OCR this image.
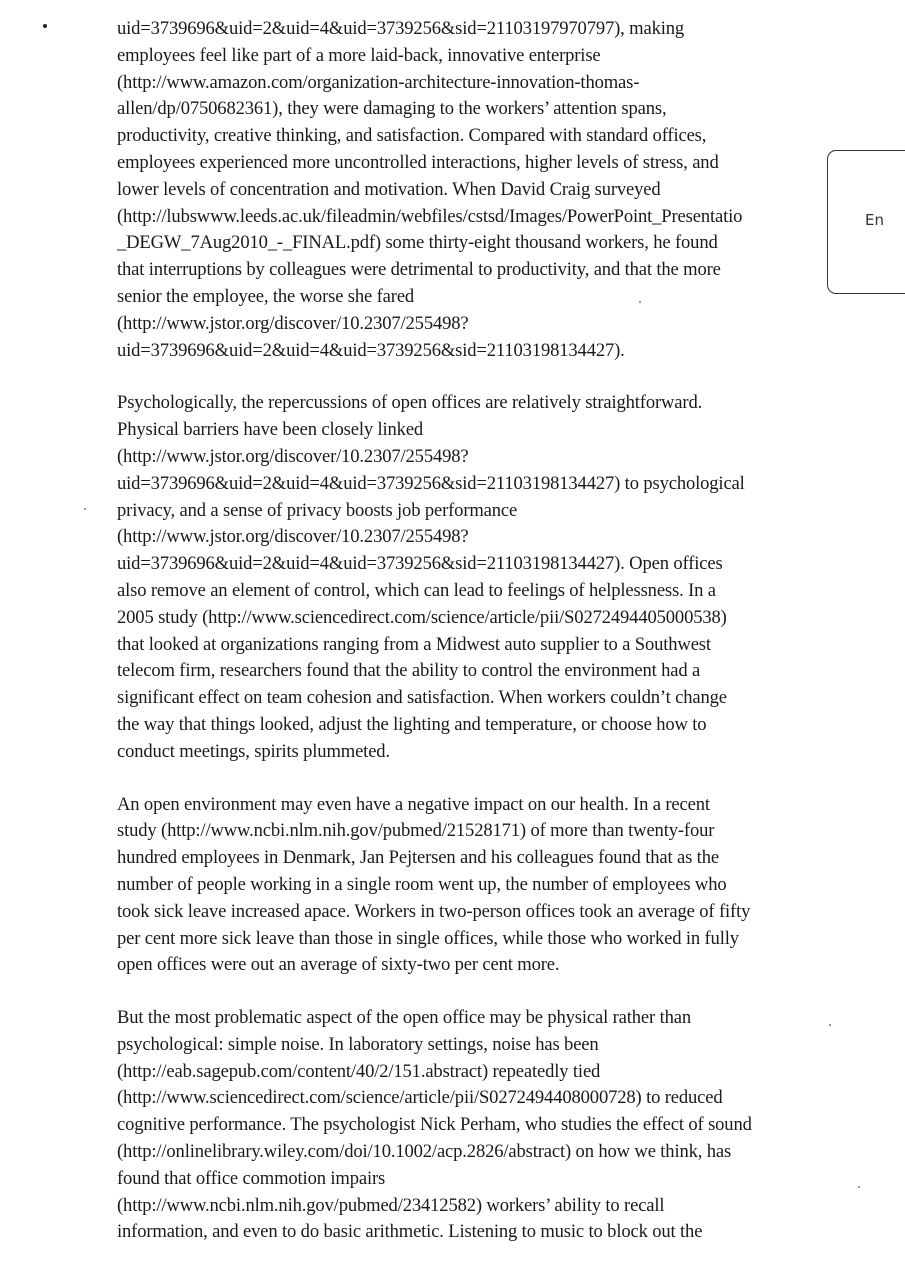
uid=3739696&uid=2&uid=4&uid=3739256&sid=21103197970797), making
employees feel like part of a more laid-back, innovative enterprise
(http://www.amazon.com/organization-architecture-innovation-thomas-
allen/dp/0750682361), they were damaging to the workers’ attention spans,
productivity, creative thinking, and satisfaction. Compared with standard offices,
employees experienced more uncontrolled interactions, higher levels of stress, and
lower levels of concentration and motivation. When David Craig surveyed
(http://lubswww.leeds.ac.uk/fileadmin/webfiles/cstsd/Images/PowerPoint_Presentatio
_DEGW_7Aug2010_-_FINAL.pdf) some thirty-eight thousand workers, he found
that interruptions by colleagues were detrimental to productivity, and that the more
senior the employee, the worse she fared
(http://www.jstor.org/discover/10.2307/255498?
uid=3739696&uid=2&uid=4&uid=3739256&sid=21103198134427).
Psychologically, the repercussions of open offices are relatively straightforward.
Physical barriers have been closely linked
(http://www.jstor.org/discover/10.2307/255498?
uid=3739696&uid=2&uid=4&uid=3739256&sid=21103198134427) to psychological
privacy, and a sense of privacy boosts job performance
(http://www.jstor.org/discover/10.2307/255498?
uid=3739696&uid=2&uid=4&uid=3739256&sid=21103198134427). Open offices
also remove an element of control, which can lead to feelings of helplessness. In a
2005 study (http://www.sciencedirect.com/science/article/pii/S0272494405000538)
that looked at organizations ranging from a Midwest auto supplier to a Southwest
telecom firm, researchers found that the ability to control the environment had a
significant effect on team cohesion and satisfaction. When workers couldn’t change
the way that things looked, adjust the lighting and temperature, or choose how to
conduct meetings, spirits plummeted.
An open environment may even have a negative impact on our health. In a recent
study (http://www.ncbi.nlm.nih.gov/pubmed/21528171) of more than twenty-four
hundred employees in Denmark, Jan Pejtersen and his colleagues found that as the
number of people working in a single room went up, the number of employees who
took sick leave increased apace. Workers in two-person offices took an average of fifty
per cent more sick leave than those in single offices, while those who worked in fully
open offices were out an average of sixty-two per cent more.
But the most problematic aspect of the open office may be physical rather than
psychological: simple noise. In laboratory settings, noise has been
(http://eab.sagepub.com/content/40/2/151.abstract) repeatedly tied
(http://www.sciencedirect.com/science/article/pii/S0272494408000728) to reduced
cognitive performance. The psychologist Nick Perham, who studies the effect of sound
(http://onlinelibrary.wiley.com/doi/10.1002/acp.2826/abstract) on how we think, has
found that office commotion impairs
(http://www.ncbi.nlm.nih.gov/pubmed/23412582) workers’ ability to recall
information, and even to do basic arithmetic. Listening to music to block out the
En
